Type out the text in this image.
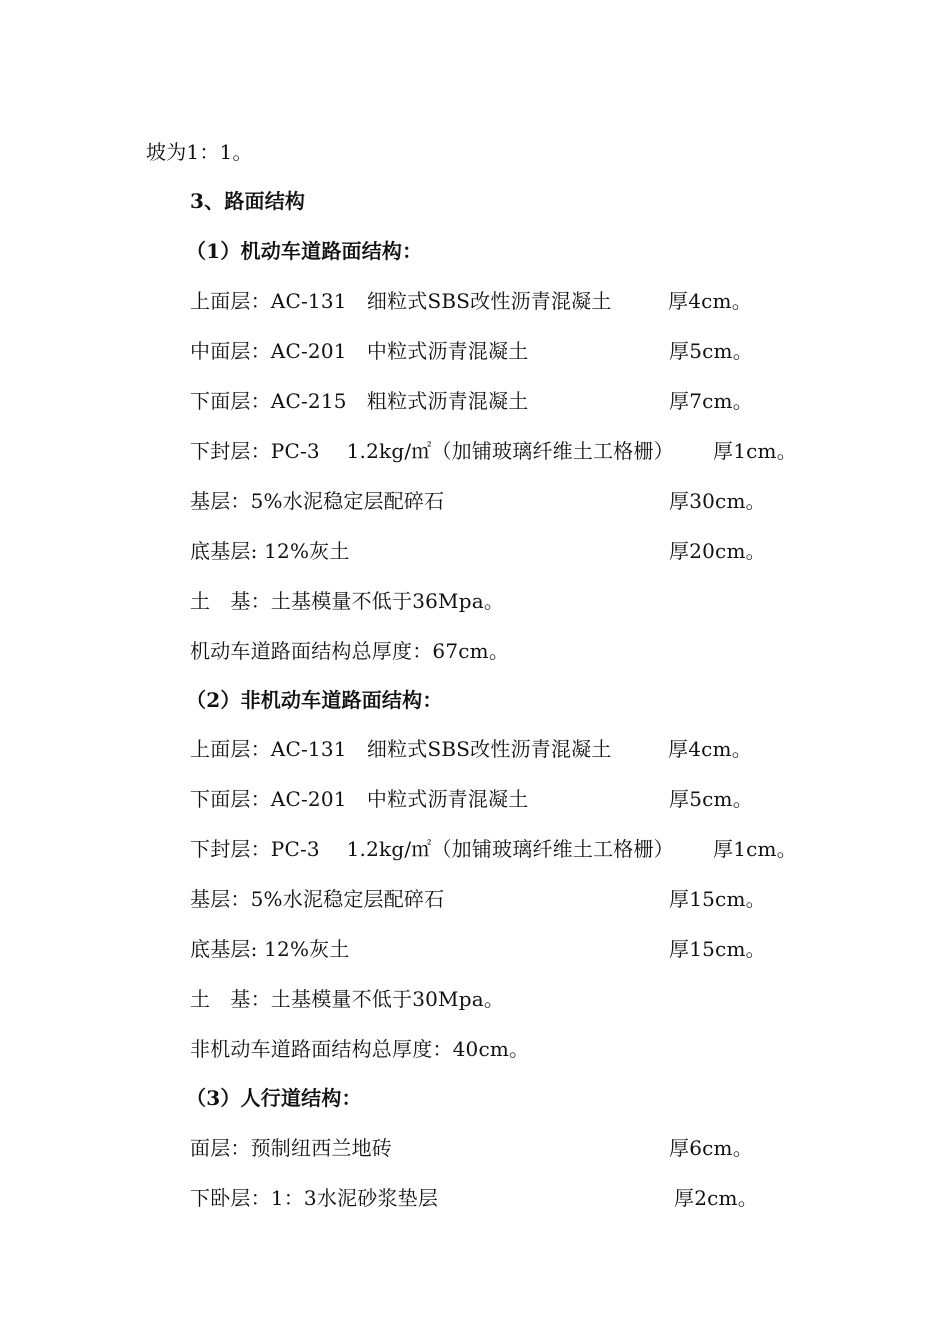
坡为1：1。
3、路面结构
（1）机动车道路面结构：
上面层：AC-131　细粒式SBS改性沥青混凝土	厚4cm。
中面层：AC-201　中粒式沥青混凝土	厚5cm。
下面层：AC-215　粗粒式沥青混凝土	厚7cm。
下封层：PC-3　 1.2kg/㎡（加铺玻璃纤维土工格栅） 厚1cm。
基层：5%水泥稳定层配碎石	厚30cm。
底基层: 12%灰土	厚20cm。
土　基：土基模量不低于36Mpa。
机动车道路面结构总厚度：67cm。
（2）非机动车道路面结构：
上面层：AC-131　细粒式SBS改性沥青混凝土	厚4cm。
下面层：AC-201　中粒式沥青混凝土	厚5cm。
下封层：PC-3　 1.2kg/㎡（加铺玻璃纤维土工格栅） 厚1cm。
基层：5%水泥稳定层配碎石	厚15cm。
底基层: 12%灰土	厚15cm。
土　基：土基模量不低于30Mpa。
非机动车道路面结构总厚度：40cm。
（3）人行道结构：
面层：预制纽西兰地砖	厚6cm。
下卧层：1：3水泥砂浆垫层	厚2cm。
